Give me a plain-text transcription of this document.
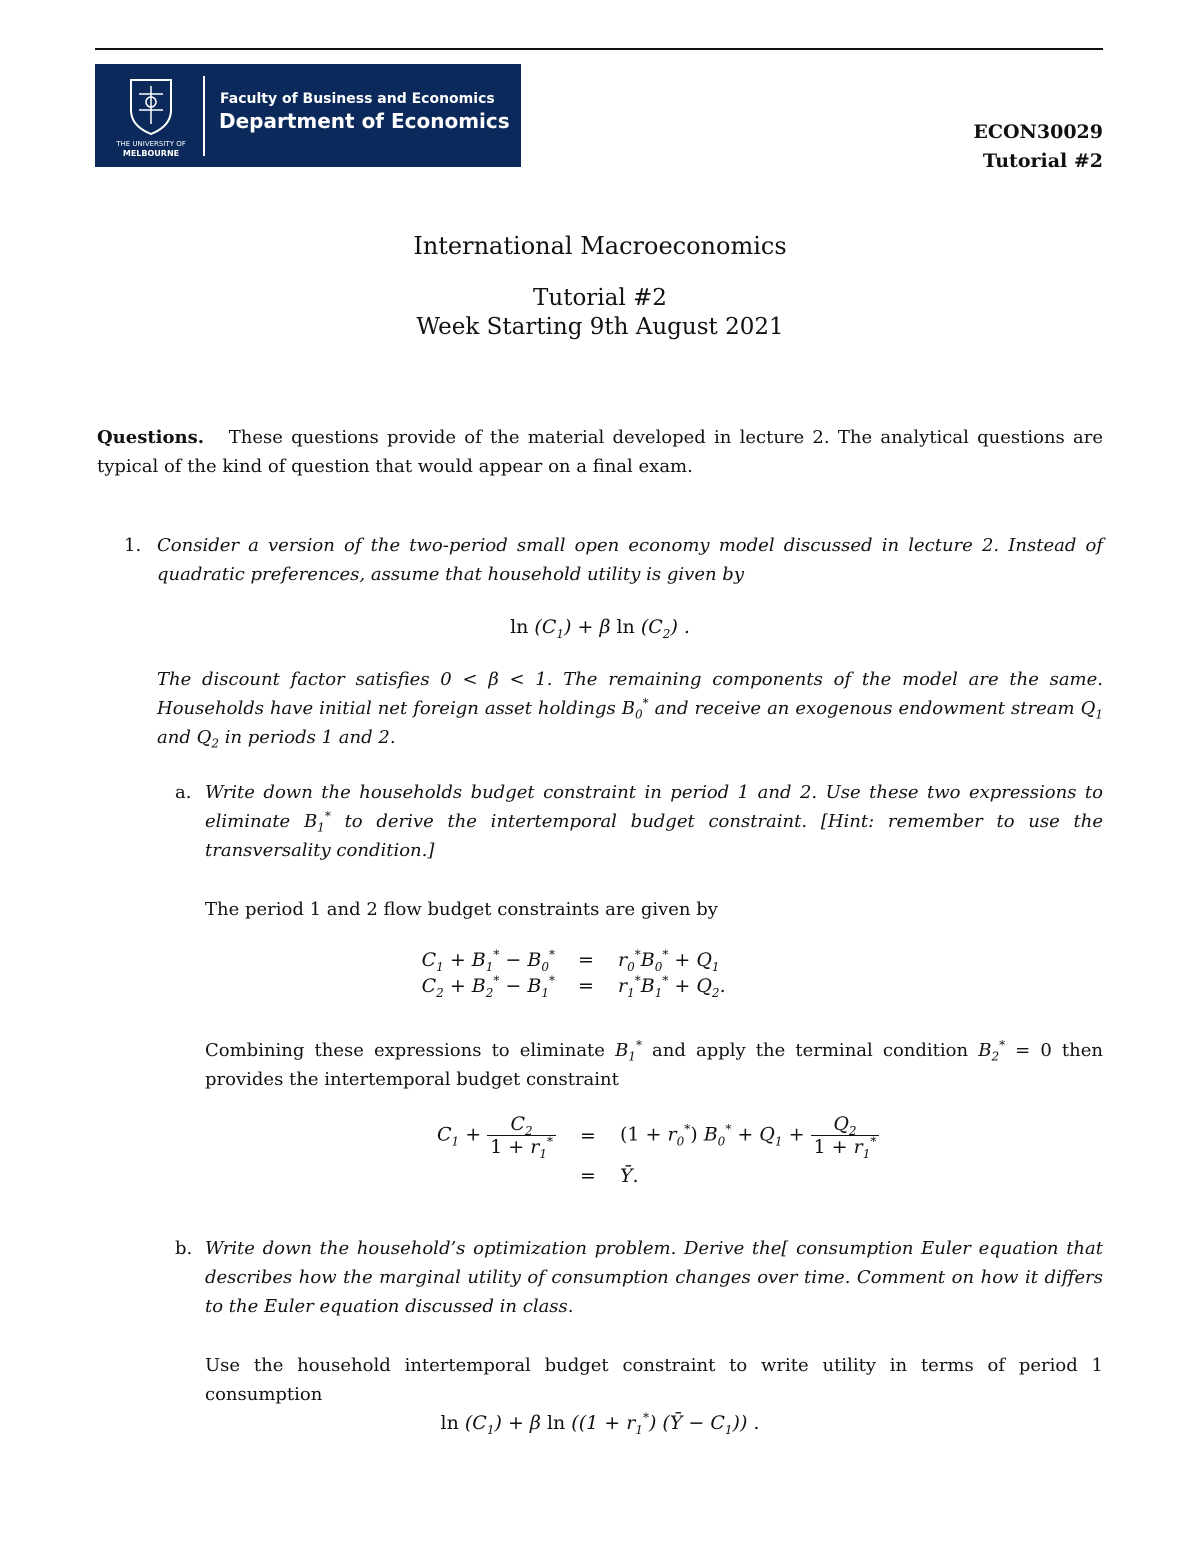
THE UNIVERSITY OF
MELBOURNE
Faculty of Business and Economics
Department of Economics	ECON30029
Tutorial #2
International Macroeconomics
Tutorial #2
Week Starting 9th August 2021
Questions. These questions provide of the material developed in lecture 2. The analytical questions are typical of the kind of question that would appear on a final exam.
1. Consider a version of the two-period small open economy model discussed in lecture 2. Instead of quadratic preferences, assume that household utility is given by
$\ln (C_1) + \beta$ $\ln (C_2)$ .
The discount factor satisfies 0 < β < 1. The remaining components of the model are the same. Households have initial net foreign asset holdings $B_0^*$ and receive an exogenous endowment stream $Q_1$ and $Q_2$ in periods 1 and 2.
a. Write down the households budget constraint in period 1 and 2. Use these two expressions to eliminate $B_1^*$ to derive the intertemporal budget constraint. [Hint: remember to use the transversality condition.]
The period 1 and 2 flow budget constraints are given by
$C_1 + B_1^* - B_0^*$	=	$r_0^*B_0^* + Q_1$
$C_2 + B_2^* - B_1^*$	=	$r_1^*B_1^* + Q_2$.
Combining these expressions to eliminate $B_1^*$ and apply the terminal condition $B_2^* = 0$ then provides the intertemporal budget constraint
$C_1 + \frac{C_2}{1 + r_1^*}$	=	$(1 + r_0^*)$ $B_0^* + Q_1 + \frac{Q_2}{1 + r_1^*}$

	=	Ȳ.
b. Write down the household’s optimization problem. Derive the[ consumption Euler equation that describes how the marginal utility of consumption changes over time. Comment on how it differs to the Euler equation discussed in class.
Use the household intertemporal budget constraint to write utility in terms of period 1 consumption
$\ln (C_1) + \beta$ $\ln ((1 + r_1^*)$ (Ȳ − $C_1$)) .
